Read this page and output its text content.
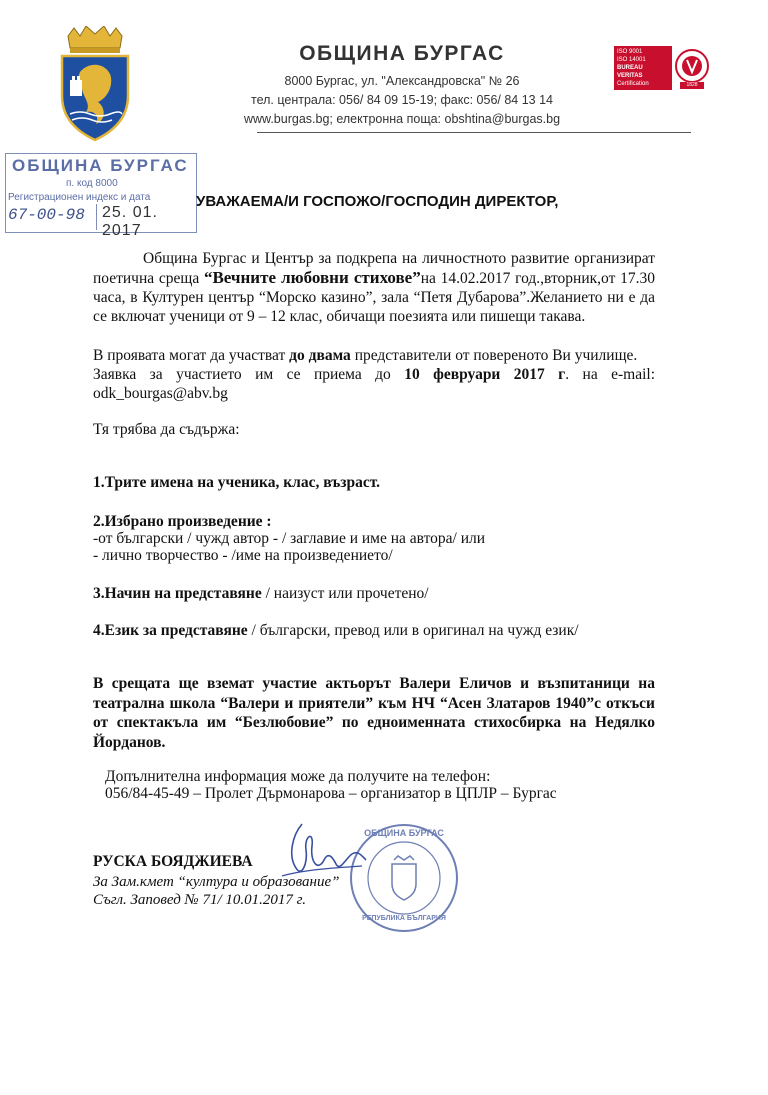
ОБЩИНА БУРГАС
8000 Бургас, ул. "Александровска" № 26
тел. централа: 056/ 84 09 15-19; факс: 056/ 84 13 14
www.burgas.bg; електронна поща: obshtina@burgas.bg
ISO 9001
ISO 14001
BUREAU VERITAS
Certification	1828
ОБЩИНА БУРГАС
п. код 8000
Регистрационен индекс и дата
67-00-98 25. 01. 2017
УВАЖАЕМА/И ГОСПОЖО/ГОСПОДИН ДИРЕКТОР,
Община Бургас и Център за подкрепа на личностното развитие организират поетична среща “Вечните любовни стихове”на 14.02.2017 год.,вторник,от 17.30 часа, в Културен център “Морско казино”, зала “Петя Дубарова”.Желанието ни е да се включат ученици от 9 – 12 клас, обичащи поезията или пишещи такава.
В проявата могат да участват до двама представители от повереното Ви училище.
Заявка за участието им се приема до 10 февруари 2017 г. на e-mail: odk_bourgas@abv.bg
Тя трябва да съдържа:
1.Трите имена на ученика, клас, възраст.
2.Избрано произведение :
-от български / чужд автор - / заглавие и име на автора/ или
- лично творчество - /име на произведението/
3.Начин на представяне / наизуст или прочетено/
4.Език за представяне / български, превод или в оригинал на чужд език/
В срещата ще вземат участие актьорът Валери Еличов и възпитаници на театрална школа “Валери и приятели” към НЧ “Асен Златаров 1940”с откъси от спектакъла им “Безлюбовие” по едноименната стихосбирка на Недялко Йорданов.
Допълнителна информация може да получите на телефон:
056/84-45-49 – Пролет Дърмонарова – организатор в ЦПЛР – Бургас
ОБЩИНА БУРГАС
РЕПУБЛИКА БЪЛГАРИЯ
РУСКА БОЯДЖИЕВА
За Зам.кмет “култура и образование”
Съгл. Заповед № 71/ 10.01.2017 г.
